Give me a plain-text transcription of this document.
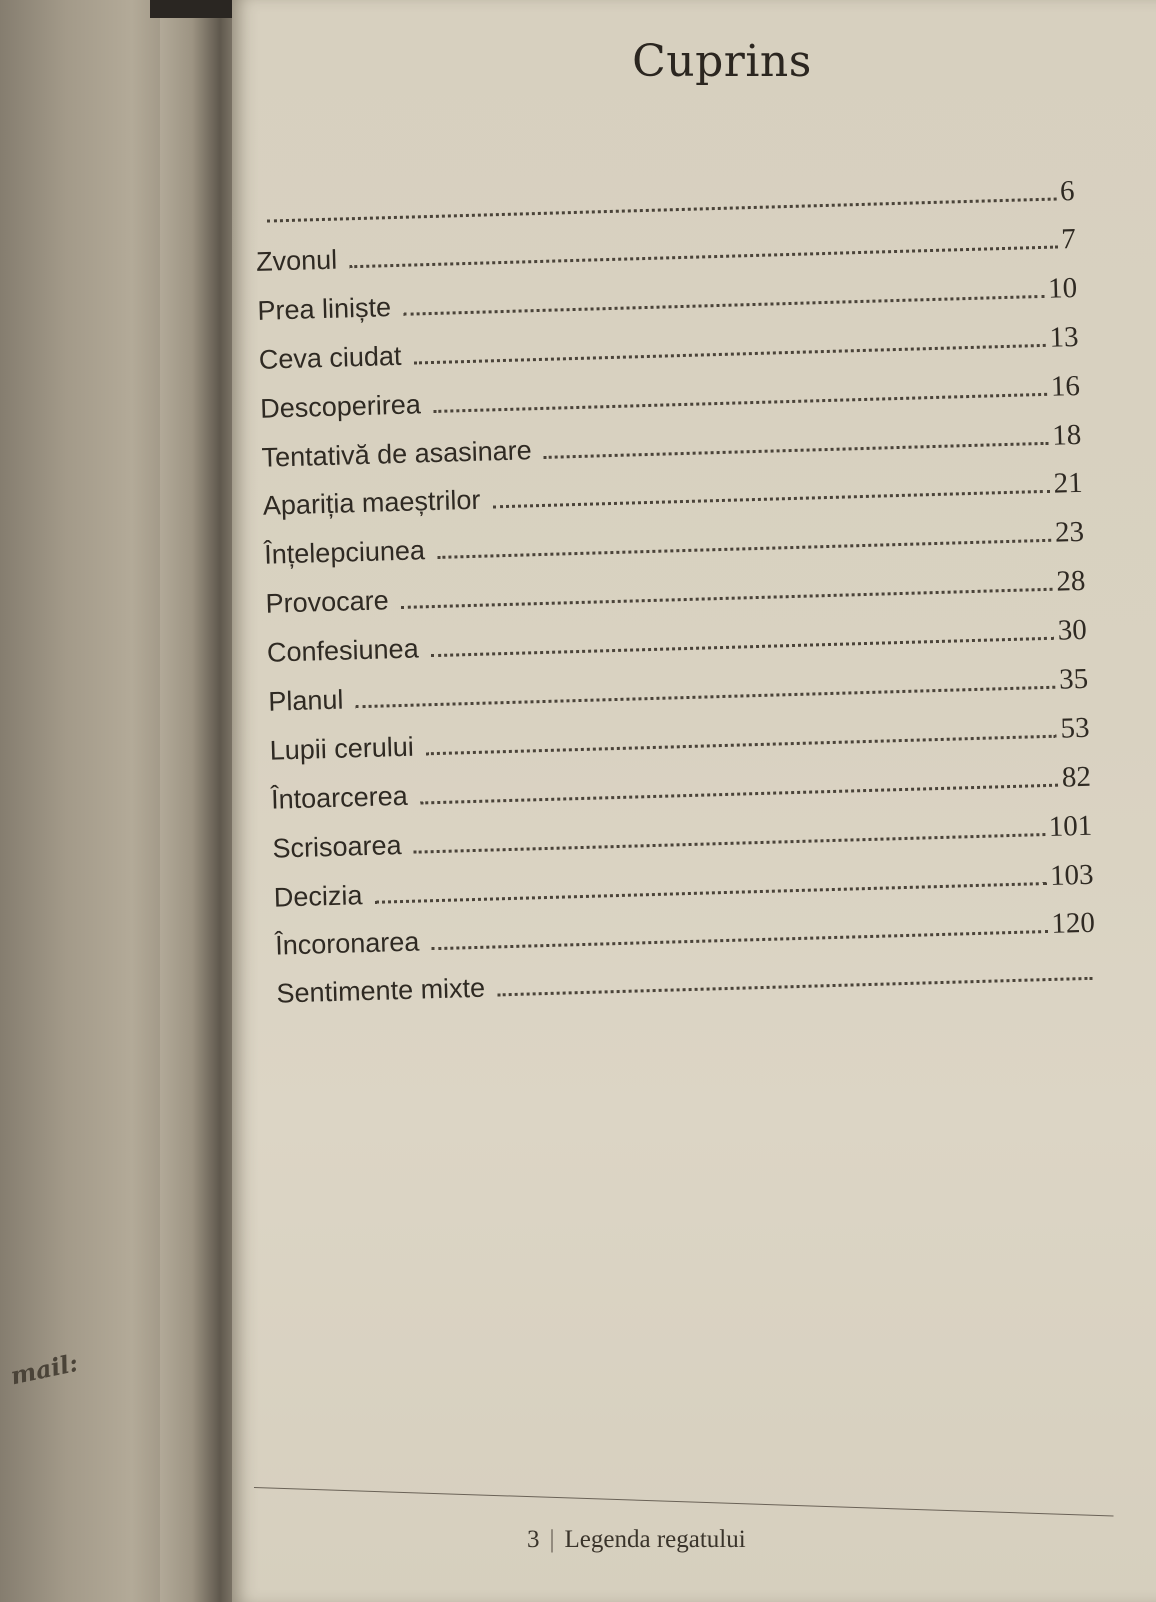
mail:
Cuprins
6
Zvonul
7
Prea liniște
10
Ceva ciudat
13
Descoperirea
16
Tentativă de asasinare	18
Apariția maeștrilor
21
Înțelepciunea
23
Provocare
28
Confesiunea
30
Planul
35
Lupii cerului
53
Întoarcerea
82
Scrisoarea
101
Decizia
103
Încoronarea
120
Sentimente mixte
3 | Legenda regatului
